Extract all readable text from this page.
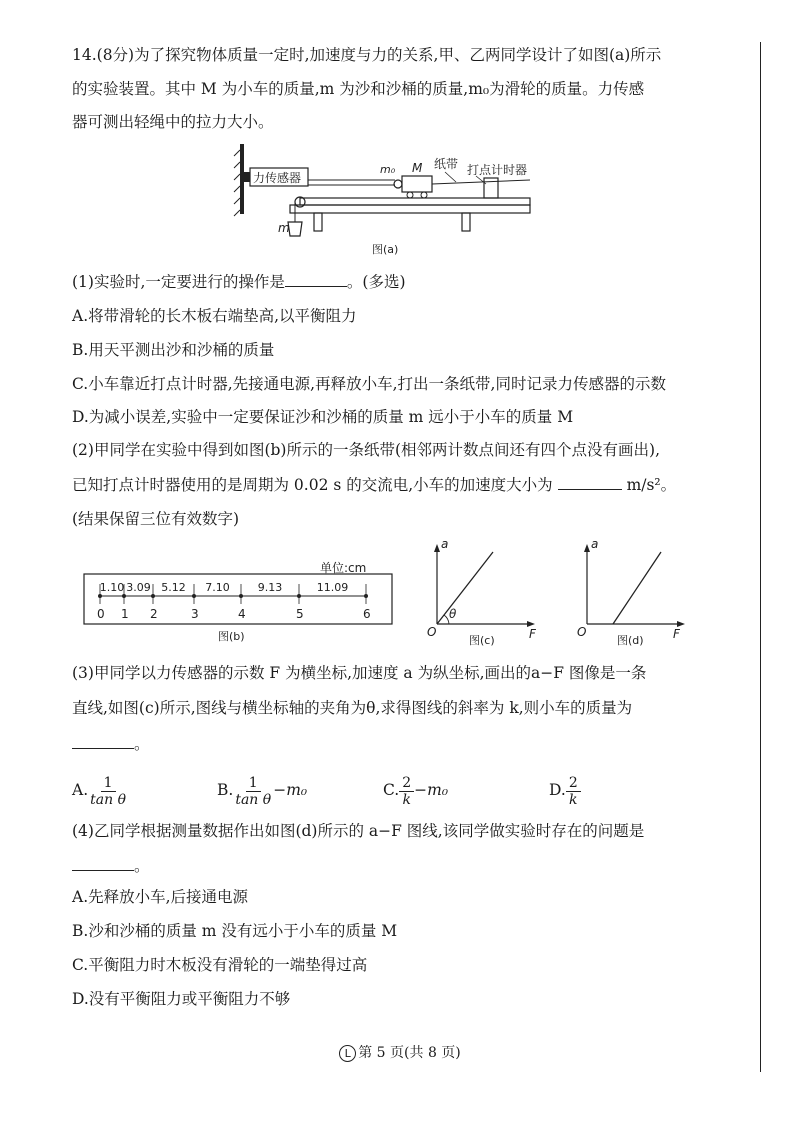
14.(8分)为了探究物体质量一定时,加速度与力的关系,甲、乙两同学设计了如图(a)所示
的实验装置。其中 M 为小车的质量,m 为沙和沙桶的质量,m₀为滑轮的质量。力传感
器可测出轻绳中的拉力大小。
力传感器
m₀ M 纸带 打点计时器
m
图(a)
(1)实验时,一定要进行的操作是	。(多选)
A.将带滑轮的长木板右端垫高,以平衡阻力
B.用天平测出沙和沙桶的质量
C.小车靠近打点计时器,先接通电源,再释放小车,打出一条纸带,同时记录力传感器的示数
D.为减小误差,实验中一定要保证沙和沙桶的质量 m 远小于小车的质量 M
(2)甲同学在实验中得到如图(b)所示的一条纸带(相邻两计数点间还有四个点没有画出),
已知打点计时器使用的是周期为 0.02 s 的交流电,小车的加速度大小为	m/s²。
(结果保留三位有效数字)
单位:cm
0 1 2	3	4	5	6
1.10 3.09 5.12 7.10	9.13	11.09
图(b)
a
F
O
θ
图(c)
a
F
O
图(d)
(3)甲同学以力传感器的示数 F 为横坐标,加速度 a 为纵坐标,画出的a−F 图像是一条
直线,如图(c)所示,图线与横坐标轴的夹角为θ,求得图线的斜率为 k,则小车的质量为
。
A. $\frac{1}{\text{tan θ}}$	B. $\frac{1}{\text{tan θ}} -m_0$	C. $\frac{2}{k} -m_0$	D. $\frac{2}{k}$
(4)乙同学根据测量数据作出如图(d)所示的 a−F 图线,该同学做实验时存在的问题是
。
A.先释放小车,后接通电源
B.沙和沙桶的质量 m 没有远小于小车的质量 M
C.平衡阻力时木板没有滑轮的一端垫得过高
D.没有平衡阻力或平衡阻力不够
L 第 5 页(共 8 页)
